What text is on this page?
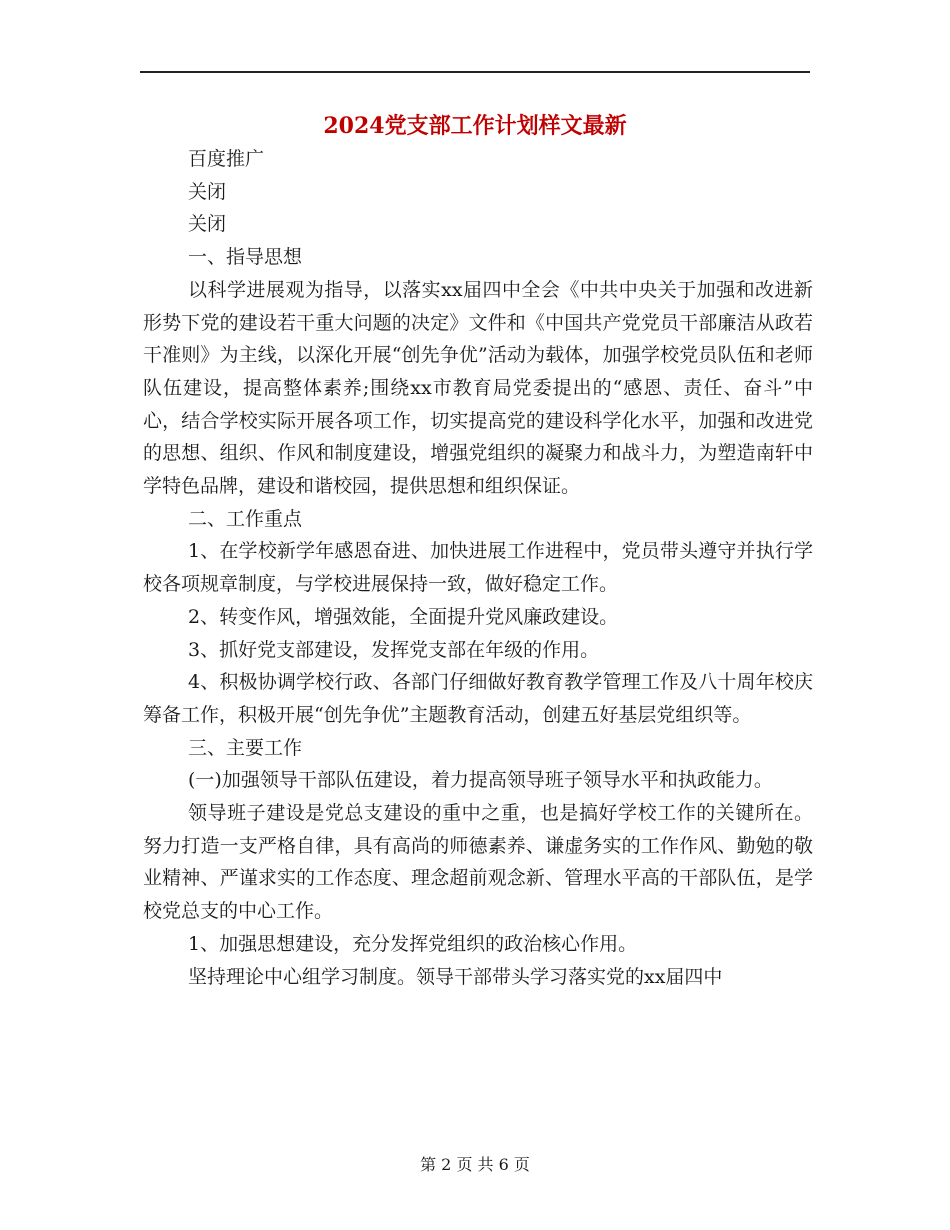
2024党支部工作计划样文最新

百度推广

关闭

关闭

一、指导思想

以科学进展观为指导，以落实xx届四中全会《中共中央关于加强和改进新形势下党的建设若干重大问题的决定》文件和《中国共产党党员干部廉洁从政若干准则》为主线，以深化开展“创先争优”活动为载体，加强学校党员队伍和老师队伍建设，提高整体素养;围绕xx市教育局党委提出的“感恩、责任、奋斗”中心，结合学校实际开展各项工作，切实提高党的建设科学化水平，加强和改进党的思想、组织、作风和制度建设，增强党组织的凝聚力和战斗力，为塑造南轩中学特色品牌，建设和谐校园，提供思想和组织保证。

二、工作重点

1、在学校新学年感恩奋进、加快进展工作进程中，党员带头遵守并执行学校各项规章制度，与学校进展保持一致，做好稳定工作。

2、转变作风，增强效能，全面提升党风廉政建设。

3、抓好党支部建设，发挥党支部在年级的作用。

4、积极协调学校行政、各部门仔细做好教育教学管理工作及八十周年校庆筹备工作，积极开展“创先争优”主题教育活动，创建五好基层党组织等。

三、主要工作

(一)加强领导干部队伍建设，着力提高领导班子领导水平和执政能力。

领导班子建设是党总支建设的重中之重，也是搞好学校工作的关键所在。努力打造一支严格自律，具有高尚的师德素养、谦虚务实的工作作风、勤勉的敬业精神、严谨求实的工作态度、理念超前观念新、管理水平高的干部队伍，是学校党总支的中心工作。

1、加强思想建设，充分发挥党组织的政治核心作用。

坚持理论中心组学习制度。领导干部带头学习落实党的xx届四中

第 2 页 共 6 页
